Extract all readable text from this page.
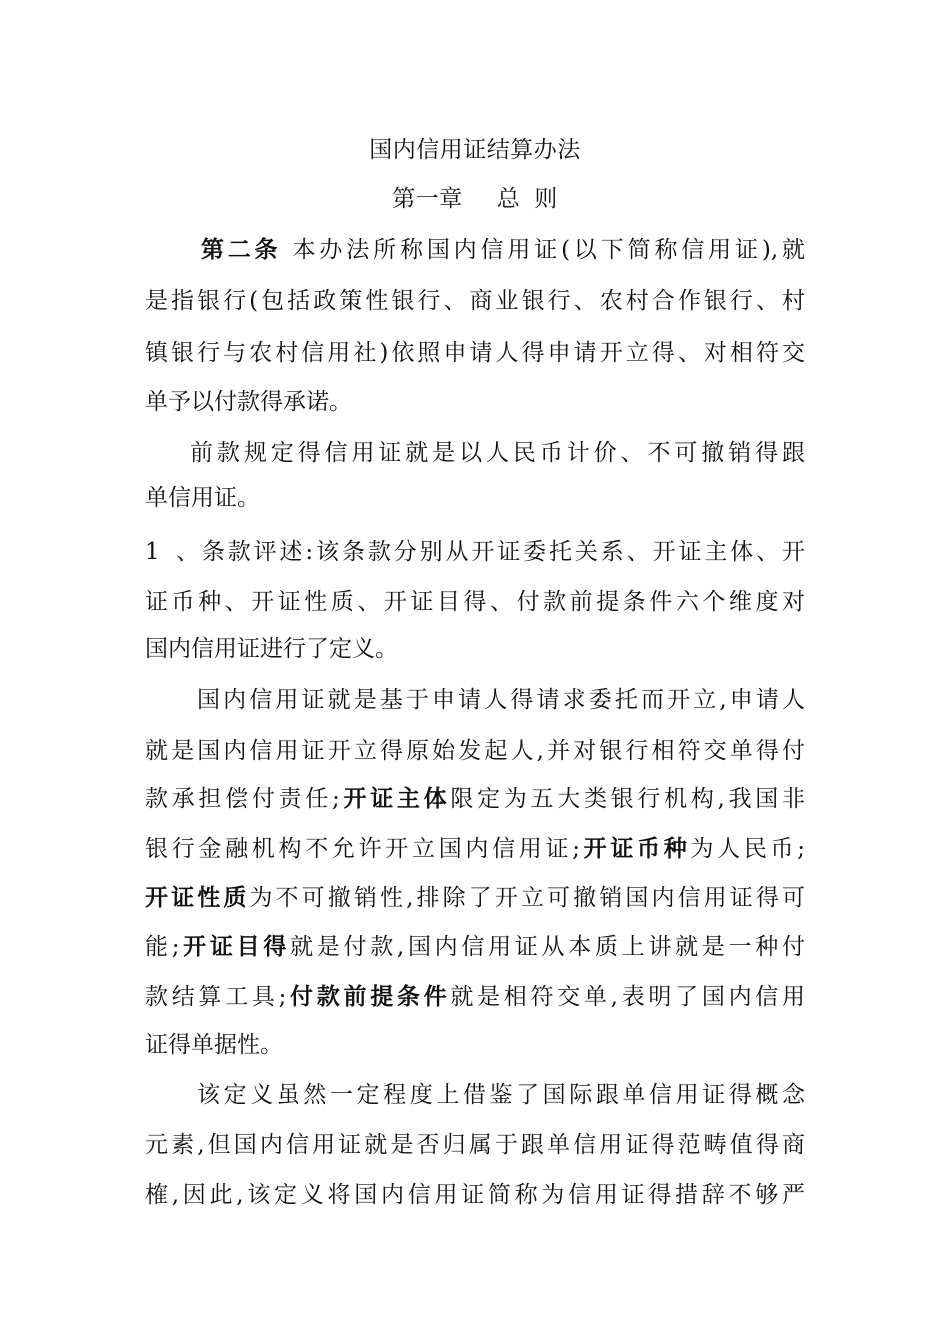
国内信用证结算办法
第一章 总 则
第二条 本办法所称国内信用证(以下简称信用证),就
是指银行(包括政策性银行、商业银行、农村合作银行、村
镇银行与农村信用社)依照申请人得申请开立得、对相符交
单予以付款得承诺。
前款规定得信用证就是以人民币计价、不可撤销得跟
单信用证。
1、条款评述:该条款分别从开证委托关系、开证主体、开
证币种、开证性质、开证目得、付款前提条件六个维度对
国内信用证进行了定义。
国内信用证就是基于申请人得请求委托而开立,申请人
就是国内信用证开立得原始发起人,并对银行相符交单得付
款承担偿付责任;开证主体限定为五大类银行机构,我国非
银行金融机构不允许开立国内信用证;开证币种为人民币;
开证性质为不可撤销性,排除了开立可撤销国内信用证得可
能;开证目得就是付款,国内信用证从本质上讲就是一种付
款结算工具;付款前提条件就是相符交单,表明了国内信用
证得单据性。
该定义虽然一定程度上借鉴了国际跟单信用证得概念
元素,但国内信用证就是否归属于跟单信用证得范畴值得商
榷,因此,该定义将国内信用证简称为信用证得措辞不够严
